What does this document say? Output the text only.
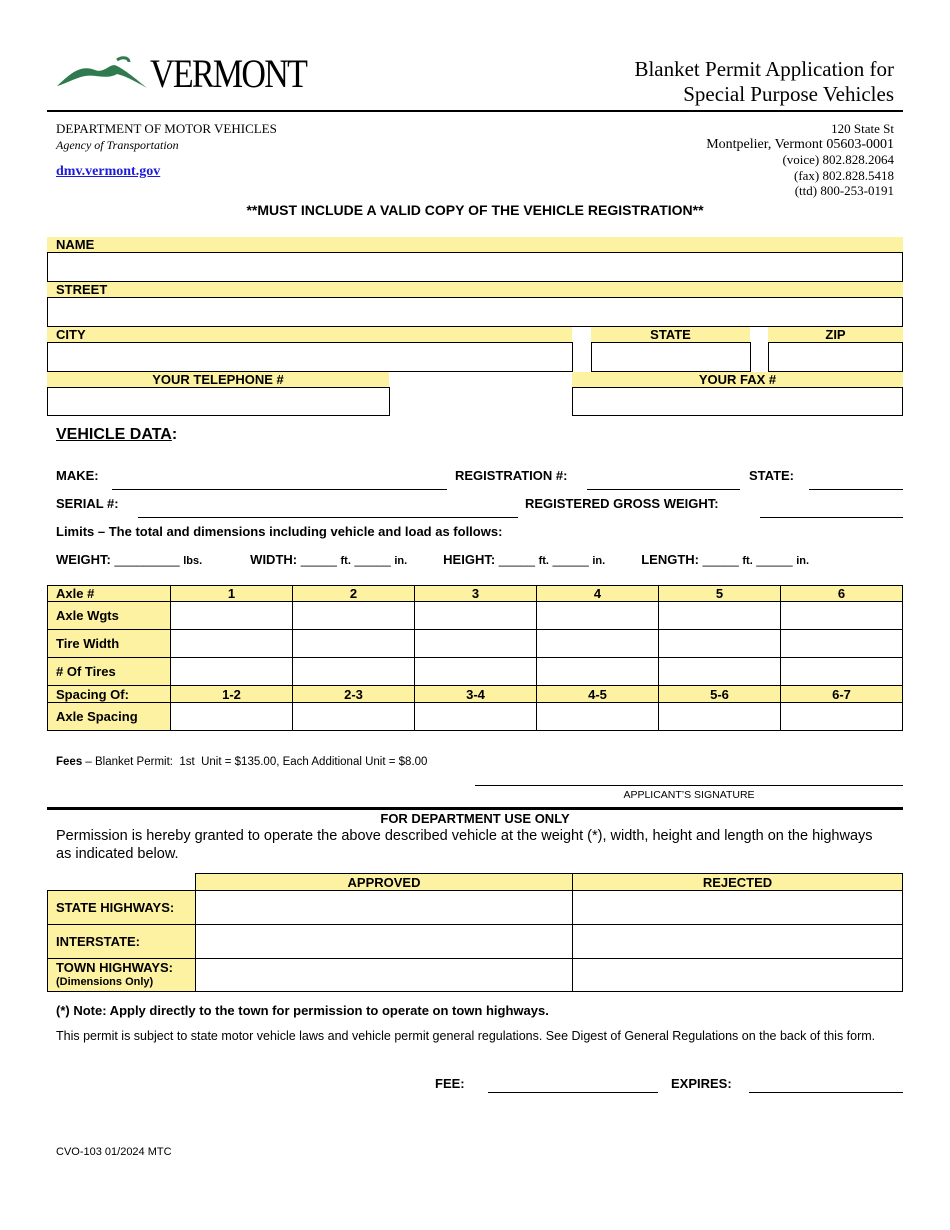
VERMONT	Blanket Permit Application for
Special Purpose Vehicles
DEPARTMENT OF MOTOR VEHICLES
Agency of Transportation
dmv.vermont.gov
120 State St
Montpelier, Vermont 05603-0001
(voice) 802.828.2064
(fax) 802.828.5418
(ttd) 800-253-0191
**MUST INCLUDE A VALID COPY OF THE VEHICLE REGISTRATION**
NAME
STREET
CITY	STATE	ZIP
YOUR TELEPHONE #	YOUR FAX #
VEHICLE DATA:
MAKE:	REGISTRATION #:	STATE:
SERIAL #:	REGISTERED GROSS WEIGHT:
Limits – The total and dimensions including vehicle and load as follows:
WEIGHT: _________ lbs.	WIDTH: _____ ft. _____ in.	HEIGHT: _____ ft. _____ in.	LENGTH: _____ ft. _____ in.
Axle #	1	2	3	4	5	6
Axle Wgts						
Tire Width						
# Of Tires						
Spacing Of:	1-2	2-3	3-4	4-5	5-6	6-7
Axle Spacing						
Fees – Blanket Permit:  1st  Unit = $135.00, Each Additional Unit = $8.00
APPLICANT’S SIGNATURE
FOR DEPARTMENT USE ONLY
Permission is hereby granted to operate the above described vehicle at the weight (*), width, height and length on the highways as indicated below.
	APPROVED	REJECTED
STATE HIGHWAYS:		
INTERSTATE:		

TOWN HIGHWAYS:
(Dimensions Only)		

(*) Note: Apply directly to the town for permission to operate on town highways.
This permit is subject to state motor vehicle laws and vehicle permit general regulations. See Digest of General Regulations on the back of this form.
FEE:	EXPIRES:
CVO-103 01/2024 MTC
